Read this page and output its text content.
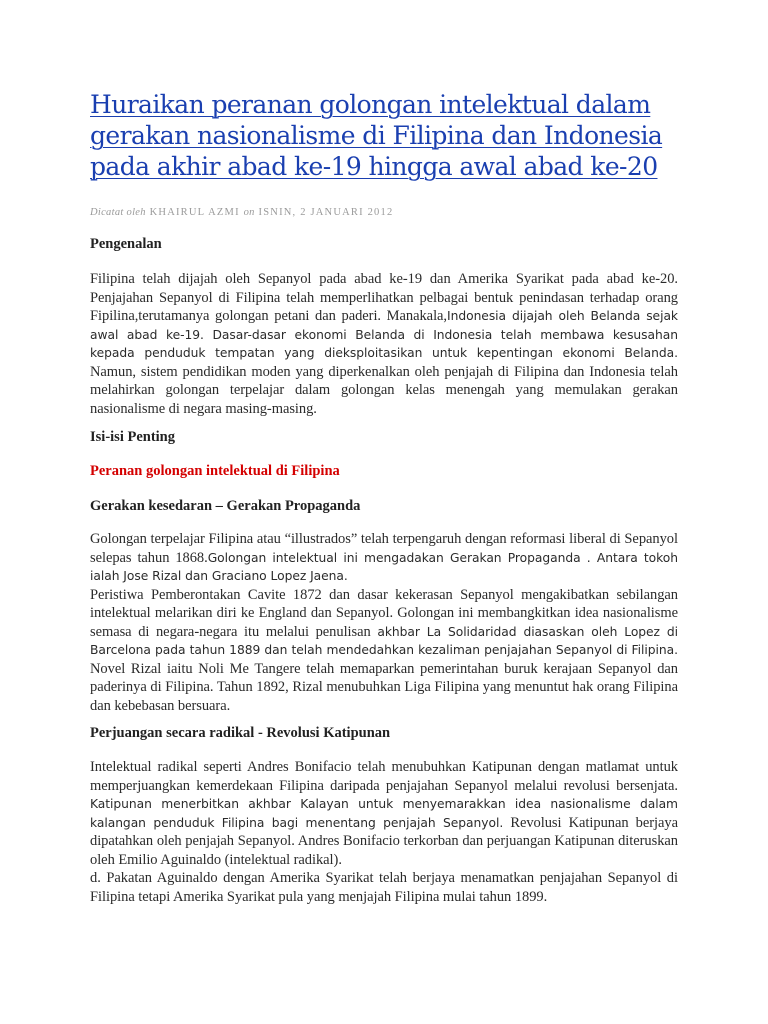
Huraikan peranan golongan intelektual dalam gerakan nasionalisme di Filipina dan Indonesia pada akhir abad ke-19 hingga awal abad ke-20

Dicatat oleh KHAIRUL AZMI on ISNIN, 2 JANUARI 2012

Pengenalan

Filipina telah dijajah oleh Sepanyol pada abad ke-19 dan Amerika Syarikat pada abad ke-20. Penjajahan Sepanyol di Filipina telah memperlihatkan pelbagai bentuk penindasan terhadap orang Fipilina,terutamanya golongan petani dan paderi. Manakala,Indonesia dijajah oleh Belanda sejak awal abad ke-19. Dasar-dasar ekonomi Belanda di Indonesia telah membawa kesusahan kepada penduduk tempatan yang dieksploitasikan untuk kepentingan ekonomi Belanda. Namun, sistem pendidikan moden yang diperkenalkan oleh penjajah di Filipina dan Indonesia telah melahirkan golongan terpelajar dalam golongan kelas menengah yang memulakan gerakan nasionalisme di negara masing-masing.

Isi-isi Penting

Peranan golongan intelektual di Filipina

Gerakan kesedaran – Gerakan Propaganda

Golongan terpelajar Filipina atau “illustrados” telah terpengaruh dengan reformasi liberal di Sepanyol selepas tahun 1868.Golongan intelektual ini mengadakan Gerakan Propaganda . Antara tokoh ialah Jose Rizal dan Graciano Lopez Jaena.
Peristiwa Pemberontakan Cavite 1872 dan dasar kekerasan Sepanyol mengakibatkan sebilangan intelektual melarikan diri ke England dan Sepanyol. Golongan ini membangkitkan idea nasionalisme semasa di negara-negara itu melalui penulisan akhbar La Solidaridad diasaskan oleh Lopez di Barcelona pada tahun 1889 dan telah mendedahkan kezaliman penjajahan Sepanyol di Filipina. Novel Rizal iaitu Noli Me Tangere telah memaparkan pemerintahan buruk kerajaan Sepanyol dan paderinya di Filipina. Tahun 1892, Rizal menubuhkan Liga Filipina yang menuntut hak orang Filipina dan kebebasan bersuara.

Perjuangan secara radikal - Revolusi Katipunan

Intelektual radikal seperti Andres Bonifacio telah menubuhkan Katipunan dengan matlamat untuk memperjuangkan kemerdekaan Filipina daripada penjajahan Sepanyol melalui revolusi bersenjata. Katipunan menerbitkan akhbar Kalayan untuk menyemarakkan idea nasionalisme dalam kalangan penduduk Filipina bagi menentang penjajah Sepanyol. Revolusi Katipunan berjaya dipatahkan oleh penjajah Sepanyol. Andres Bonifacio terkorban dan perjuangan Katipunan diteruskan oleh Emilio Aguinaldo (intelektual radikal).
d. Pakatan Aguinaldo dengan Amerika Syarikat telah berjaya menamatkan penjajahan Sepanyol di Filipina tetapi Amerika Syarikat pula yang menjajah Filipina mulai tahun 1899.
